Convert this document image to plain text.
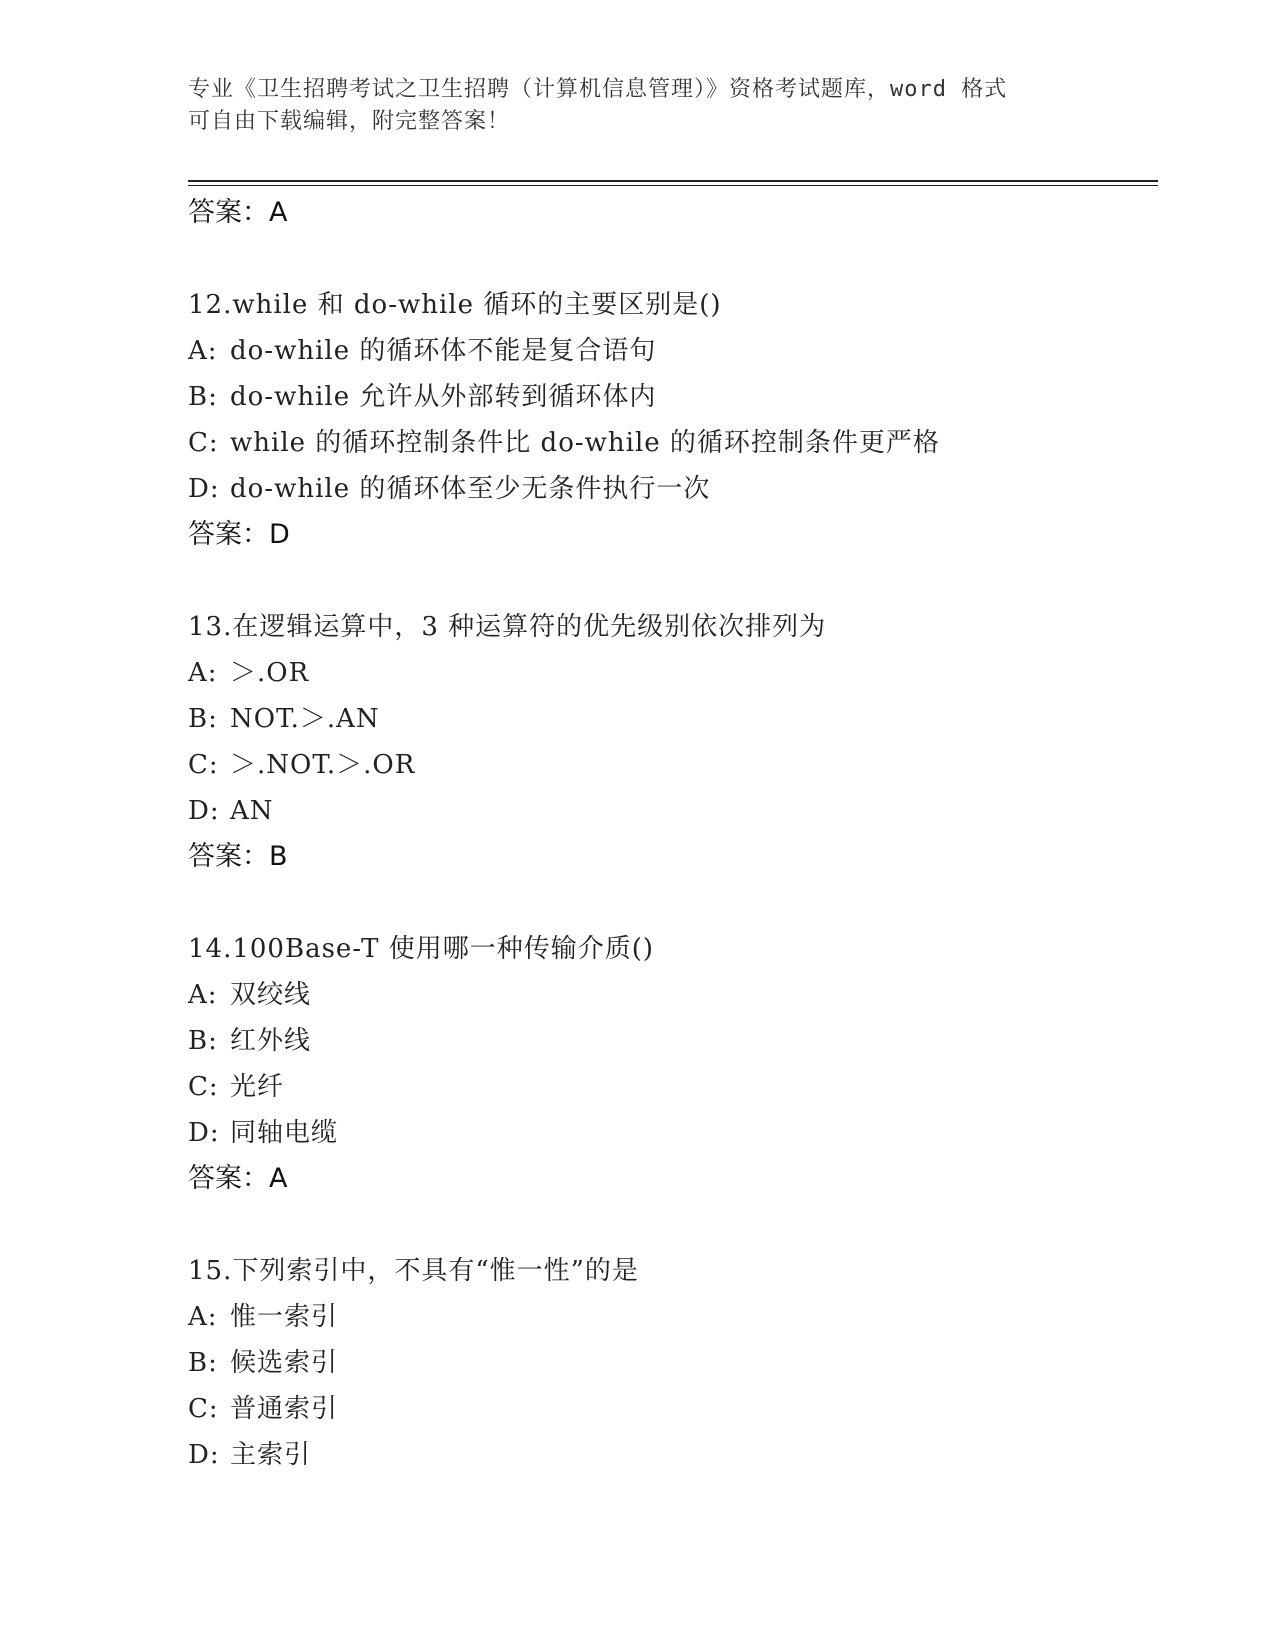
专业《卫生招聘考试之卫生招聘（计算机信息管理）》资格考试题库，word 格式
可自由下载编辑，附完整答案！
答案：A
12.while 和 do-while 循环的主要区别是()
A: do-while 的循环体不能是复合语句
B: do-while 允许从外部转到循环体内
C: while 的循环控制条件比 do-while 的循环控制条件更严格
D: do-while 的循环体至少无条件执行一次
答案：D
13.在逻辑运算中，3 种运算符的优先级别依次排列为
A: ＞.OR
B: NOT.＞.AN
C: ＞.NOT.＞.OR
D: AN
答案：B
14.100Base-T 使用哪一种传输介质()
A: 双绞线
B: 红外线
C: 光纤
D: 同轴电缆
答案：A
15.下列索引中，不具有“惟一性”的是
A: 惟一索引
B: 候选索引
C: 普通索引
D: 主索引
